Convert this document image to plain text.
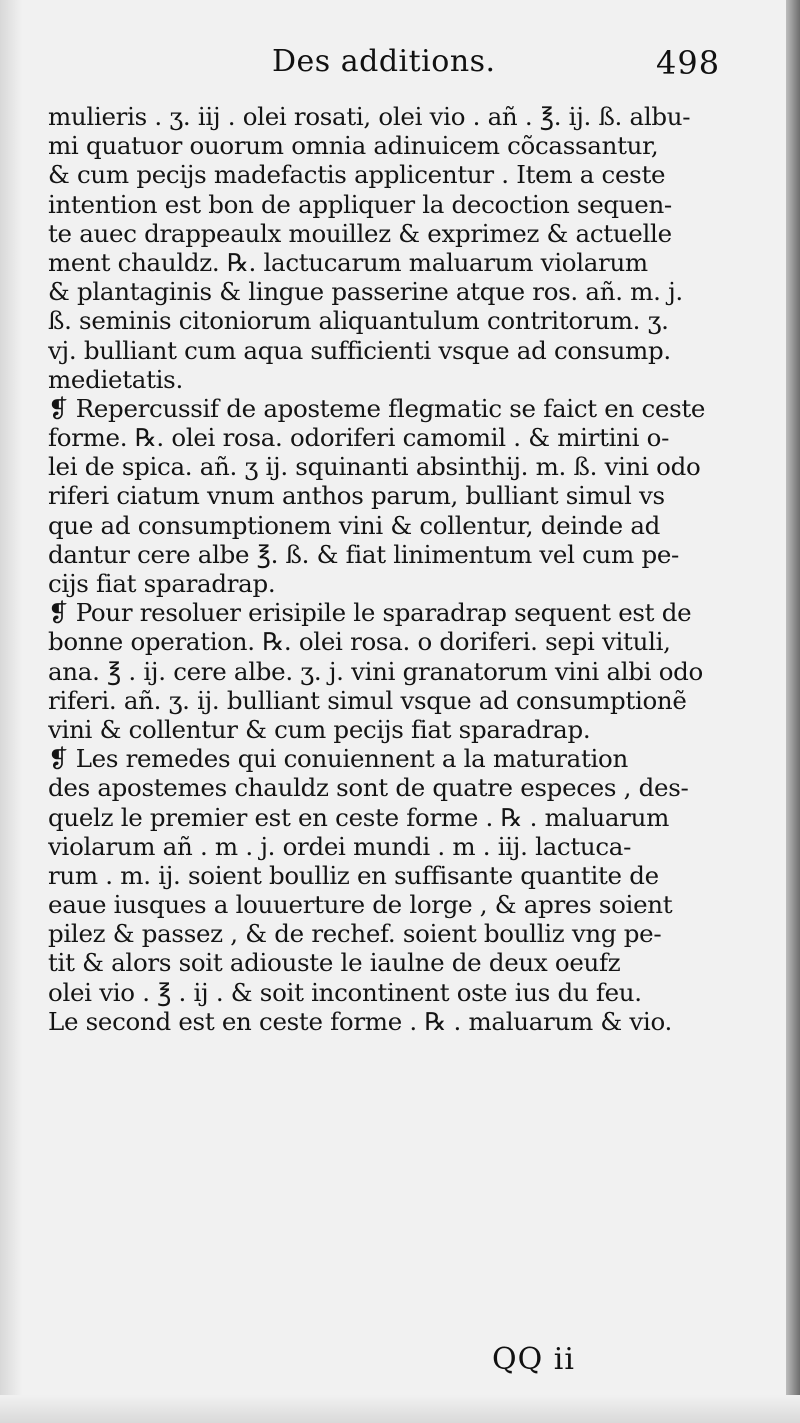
Des additions.	498
mulieris . ʒ. iij . olei rosati, olei vio . añ . ℥. ij. ß. albu-
mi quatuor ouorum omnia adinuicem cõcassantur,
& cum pecijs madefactis applicentur . Item a ceste
intention est bon de appliquer la decoction sequen-
te auec drappeaulx mouillez & exprimez & actuelle
ment chauldz. ℞. lactucarum maluarum violarum
& plantaginis & lingue passerine atque ros. añ. m. j.
ß. seminis citoniorum aliquantulum contritorum. ʒ.
vj. bulliant cum aqua sufficienti vsque ad consump.
medietatis.
❡ Repercussif de aposteme flegmatic se faict en ceste
forme. ℞. olei rosa. odoriferi camomil . & mirtini o-
lei de spica. añ. ʒ ij. squinanti absinthij. m. ß. vini odo
riferi ciatum vnum anthos parum, bulliant simul vs
que ad consumptionem vini & collentur, deinde ad
dantur cere albe ℥. ß. & fiat linimentum vel cum pe-
cijs fiat sparadrap.
❡ Pour resoluer erisipile le sparadrap sequent est de
bonne operation. ℞. olei rosa. o doriferi. sepi vituli,
ana. ℥ . ij. cere albe. ʒ. j. vini granatorum vini albi odo
riferi. añ. ʒ. ij. bulliant simul vsque ad consumptionẽ
vini & collentur & cum pecijs fiat sparadrap.
❡ Les remedes qui conuiennent a la maturation
des apostemes chauldz sont de quatre especes , des-
quelz le premier est en ceste forme . ℞ . maluarum
violarum añ . m . j. ordei mundi . m . iij. lactuca-
rum . m. ij. soient boulliz en suffisante quantite de
eaue iusques a louuerture de lorge , & apres soient
pilez & passez , & de rechef. soient boulliz vng pe-
tit & alors soit adiouste le iaulne de deux oeufz
olei vio . ℥ . ij . & soit incontinent oste ius du feu.
Le second est en ceste forme . ℞ . maluarum & vio.
QQ ii
